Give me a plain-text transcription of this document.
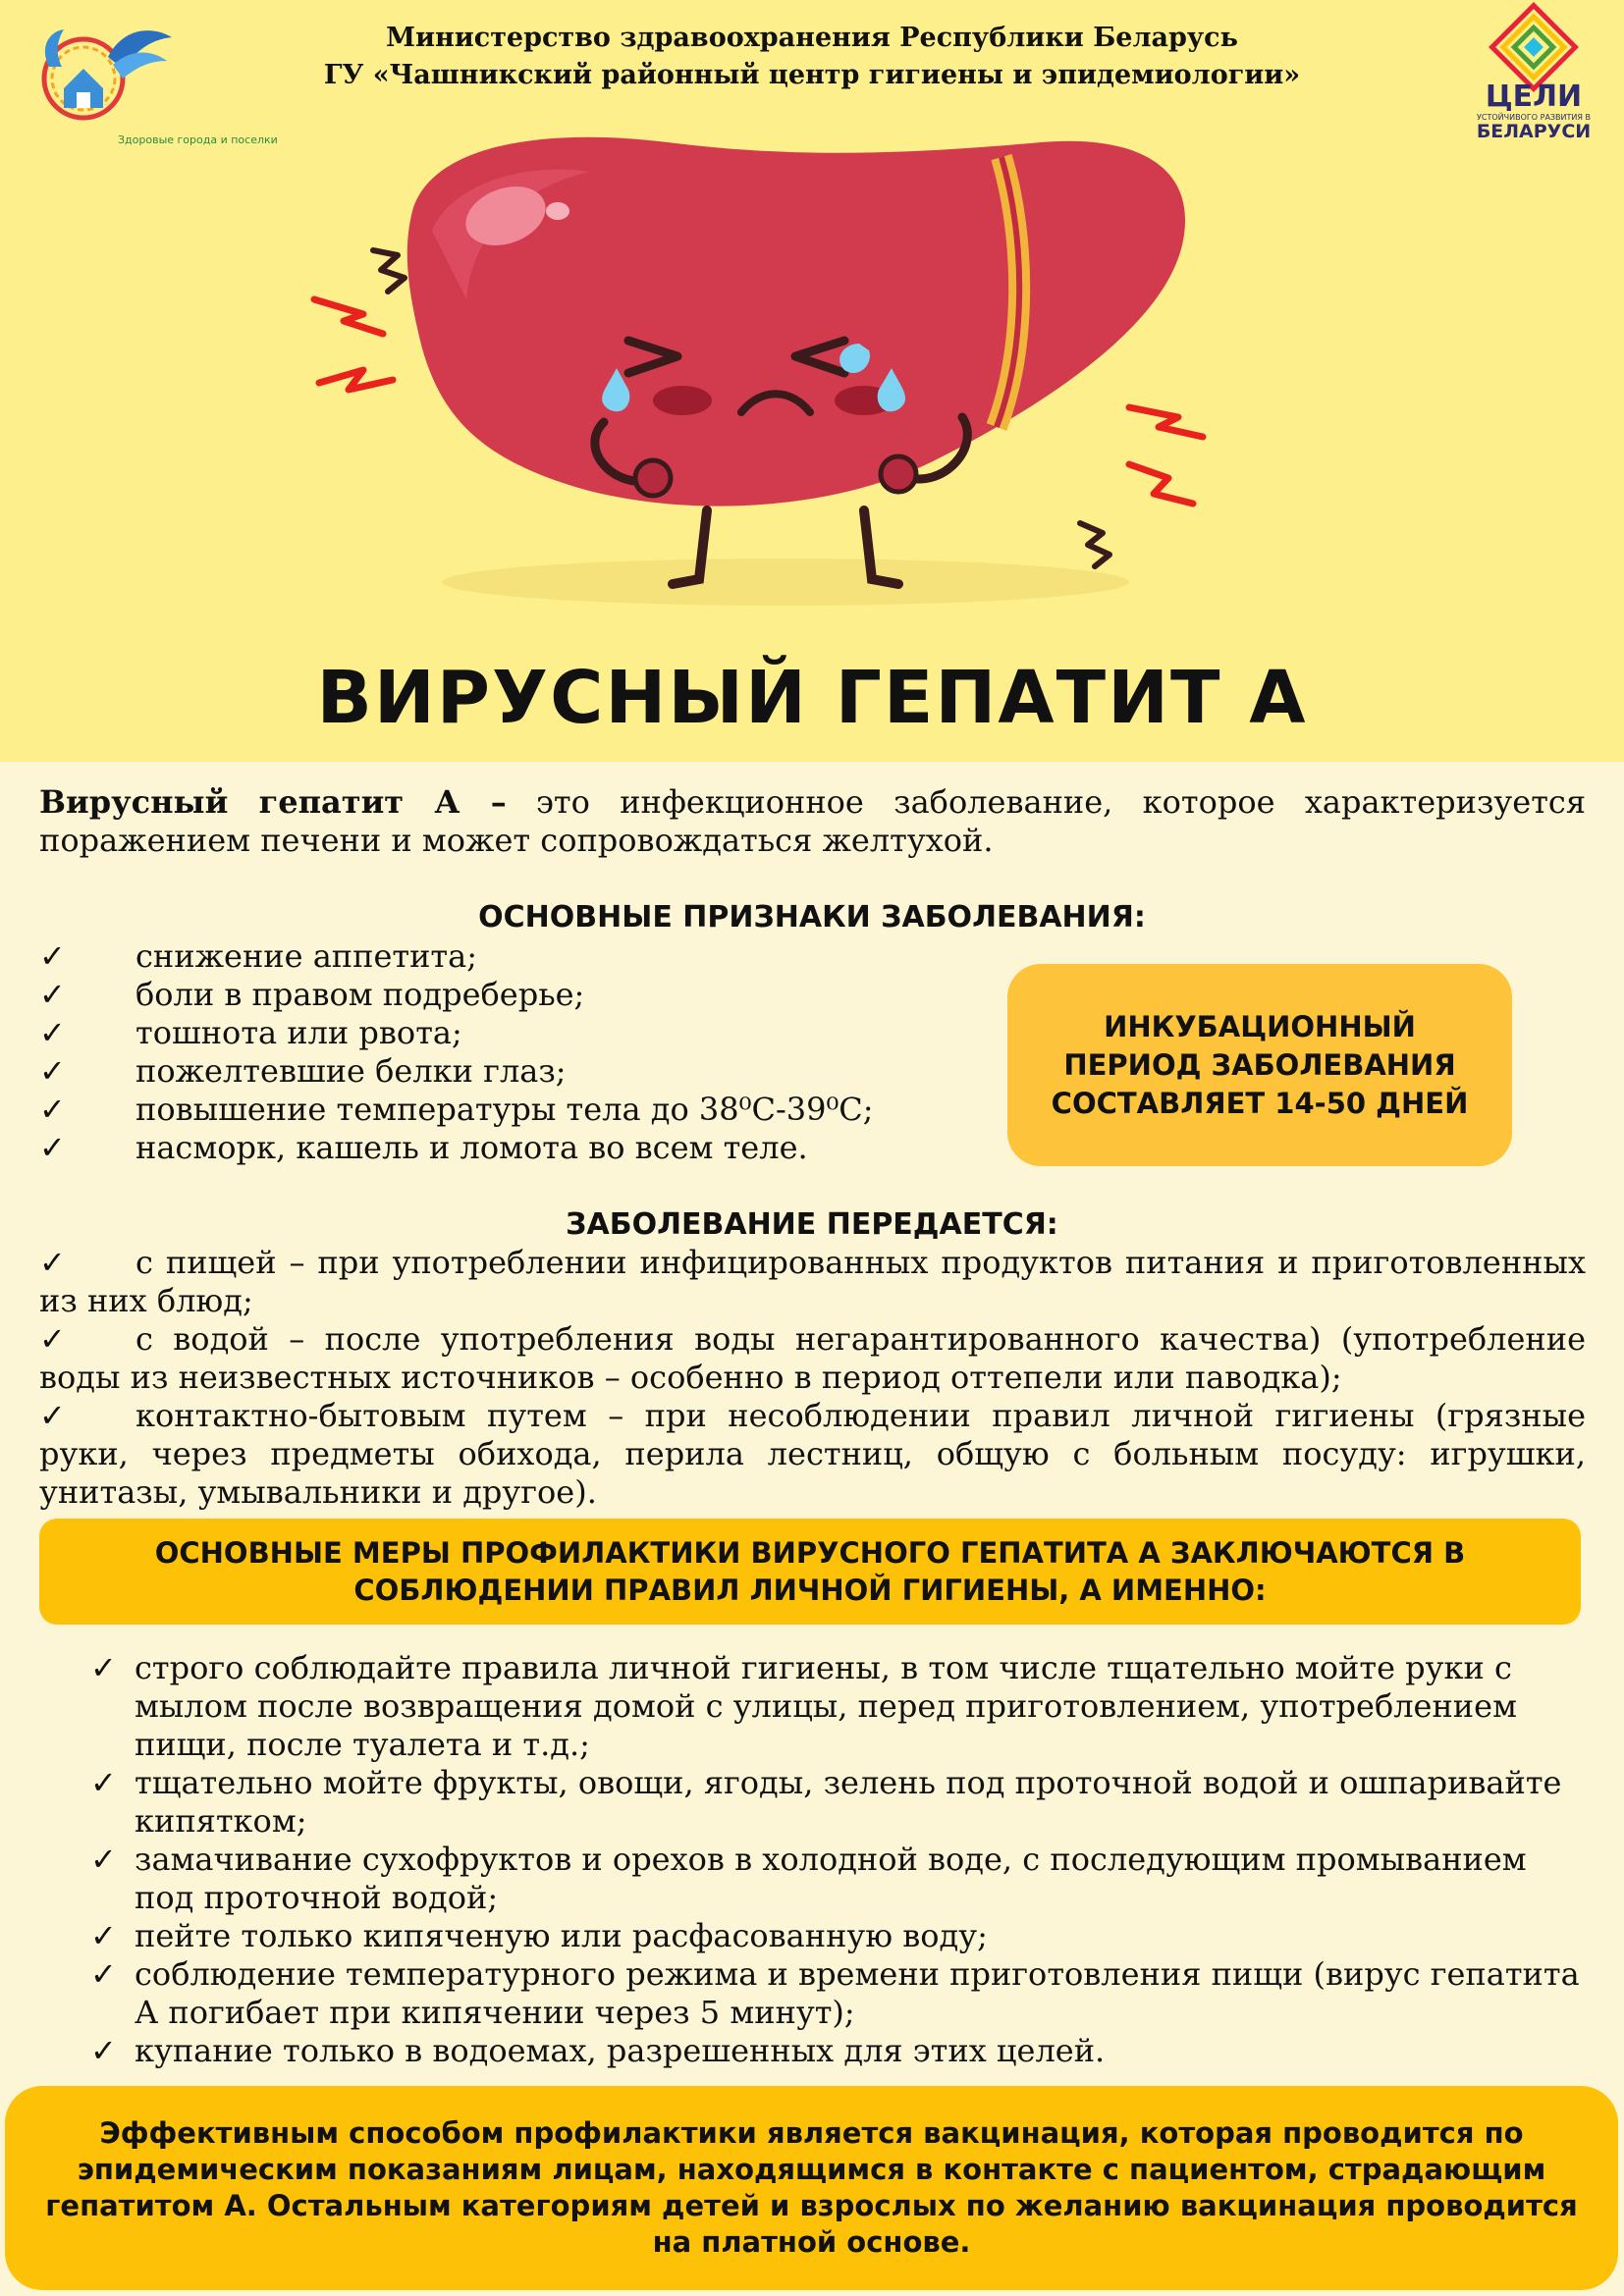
Здоровые города и поселки
Министерство здравоохранения Республики Беларусь
ГУ «Чашникский районный центр гигиены и эпидемиологии»
ЦЕЛИ
УСТОЙЧИВОГО РАЗВИТИЯ В
БЕЛАРУСИ
ВИРУСНЫЙ ГЕПАТИТ А
Вирусный гепатит А – это инфекционное заболевание, которое характеризуется поражением печени и может сопровождаться желтухой.
ОСНОВНЫЕ ПРИЗНАКИ ЗАБОЛЕВАНИЯ:
✓ снижение аппетита;
✓ боли в правом подреберье;
✓ тошнота или рвота;
✓ пожелтевшие белки глаз;
✓ повышение температуры тела до 38⁰С-39⁰С;
✓ насморк, кашель и ломота во всем теле.
ИНКУБАЦИОННЫЙ
ПЕРИОД ЗАБОЛЕВАНИЯ
СОСТАВЛЯЕТ 14-50 ДНЕЙ
ЗАБОЛЕВАНИЕ ПЕРЕДАЕТСЯ:
✓ с пищей – при употреблении инфицированных продуктов питания и приготовленных из них блюд;
✓ с водой – после употребления воды негарантированного качества) (употребление воды из неизвестных источников – особенно в период оттепели или паводка);
✓ контактно-бытовым путем – при несоблюдении правил личной гигиены (грязные руки, через предметы обихода, перила лестниц, общую с больным посуду: игрушки, унитазы, умывальники и другое).
ОСНОВНЫЕ МЕРЫ ПРОФИЛАКТИКИ ВИРУСНОГО ГЕПАТИТА А ЗАКЛЮЧАЮТСЯ В
СОБЛЮДЕНИИ ПРАВИЛ ЛИЧНОЙ ГИГИЕНЫ, А ИМЕННО:
✓ строго соблюдайте правила личной гигиены, в том числе тщательно мойте руки с мылом после возвращения домой с улицы, перед приготовлением, употреблением пищи, после туалета и т.д.;
✓ тщательно мойте фрукты, овощи, ягоды, зелень под проточной водой и ошпаривайте кипятком;
✓ замачивание сухофруктов и орехов в холодной воде, с последующим промыванием под проточной водой;
✓ пейте только кипяченую или расфасованную воду;
✓ соблюдение температурного режима и времени приготовления пищи (вирус гепатита А погибает при кипячении через 5 минут);
✓ купание только в водоемах, разрешенных для этих целей.
Эффективным способом профилактики является вакцинация, которая проводится по эпидемическим показаниям лицам, находящимся в контакте с пациентом, страдающим гепатитом А. Остальным категориям детей и взрослых по желанию вакцинация проводится на платной основе.
